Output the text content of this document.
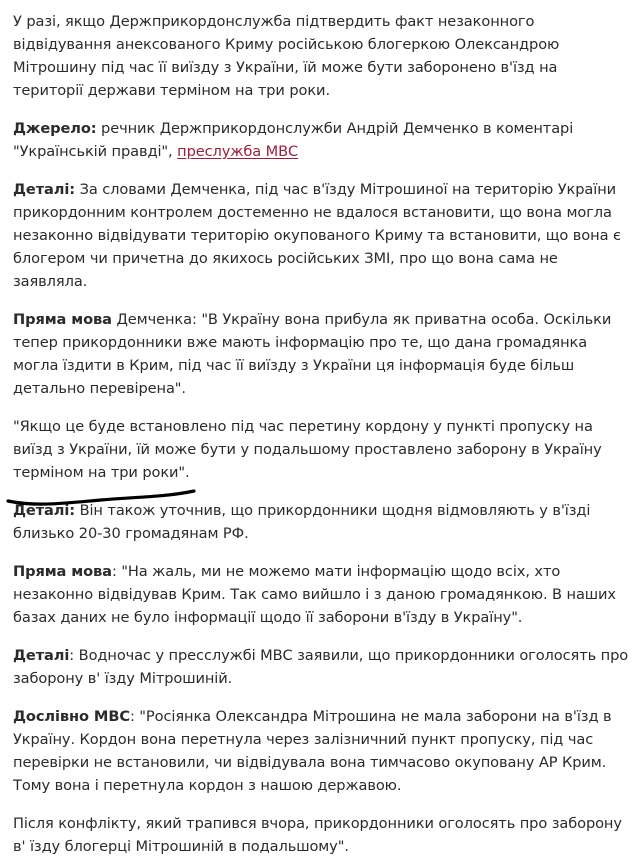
У разі, якщо Держприкордонслужба підтвердить факт незаконного відвідування анексованого Криму російською блогеркою Олександрою Мітрошину під час її виїзду з України, їй може бути заборонено в'їзд на території держави терміном на три роки.

Джерело: речник Держприкордонслужби Андрій Демченко в коментарі "Українській правді", преслужба МВС

Деталі: За словами Демченка, під час в'їзду Мітрошиної на територію України прикордонним контролем достеменно не вдалося встановити, що вона могла незаконно відвідувати територію окупованого Криму та встановити, що вона є блогером чи причетна до якихось російських ЗМІ, про що вона сама не заявляла.

Пряма мова Демченка: "В Україну вона прибула як приватна особа. Оскільки тепер прикордонники вже мають інформацію про те, що дана громадянка могла їздити в Крим, під час її виїзду з України ця інформація буде більш детально перевірена".

"Якщо це буде встановлено під час перетину кордону у пункті пропуску на виїзд з України, їй може бути у подальшому проставлено заборону в Україну терміном на три роки".

Деталі: Він також уточнив, що прикордонники щодня відмовляють у в'їзді близько 20-30 громадянам РФ.

Пряма мова: "На жаль, ми не можемо мати інформацію щодо всіх, хто незаконно відвідував Крим. Так само вийшло і з даною громадянкою. В наших базах даних не було інформації щодо її заборони в'їзду в Україну".

Деталі: Водночас у пресслужбі МВС заявили, що прикордонники оголосять про заборону в' їзду Мітрошиній.

Дослівно МВС: "Росіянка Олександра Мітрошина не мала заборони на в'їзд в Україну. Кордон вона перетнула через залізничний пункт пропуску, під час перевірки не встановили, чи відвідувала вона тимчасово окуповану АР Крим. Тому вона і перетнула кордон з нашою державою.

Після конфлікту, який трапився вчора, прикордонники оголосять про заборону в' їзду блогерці Мітрошиній в подальшому".
